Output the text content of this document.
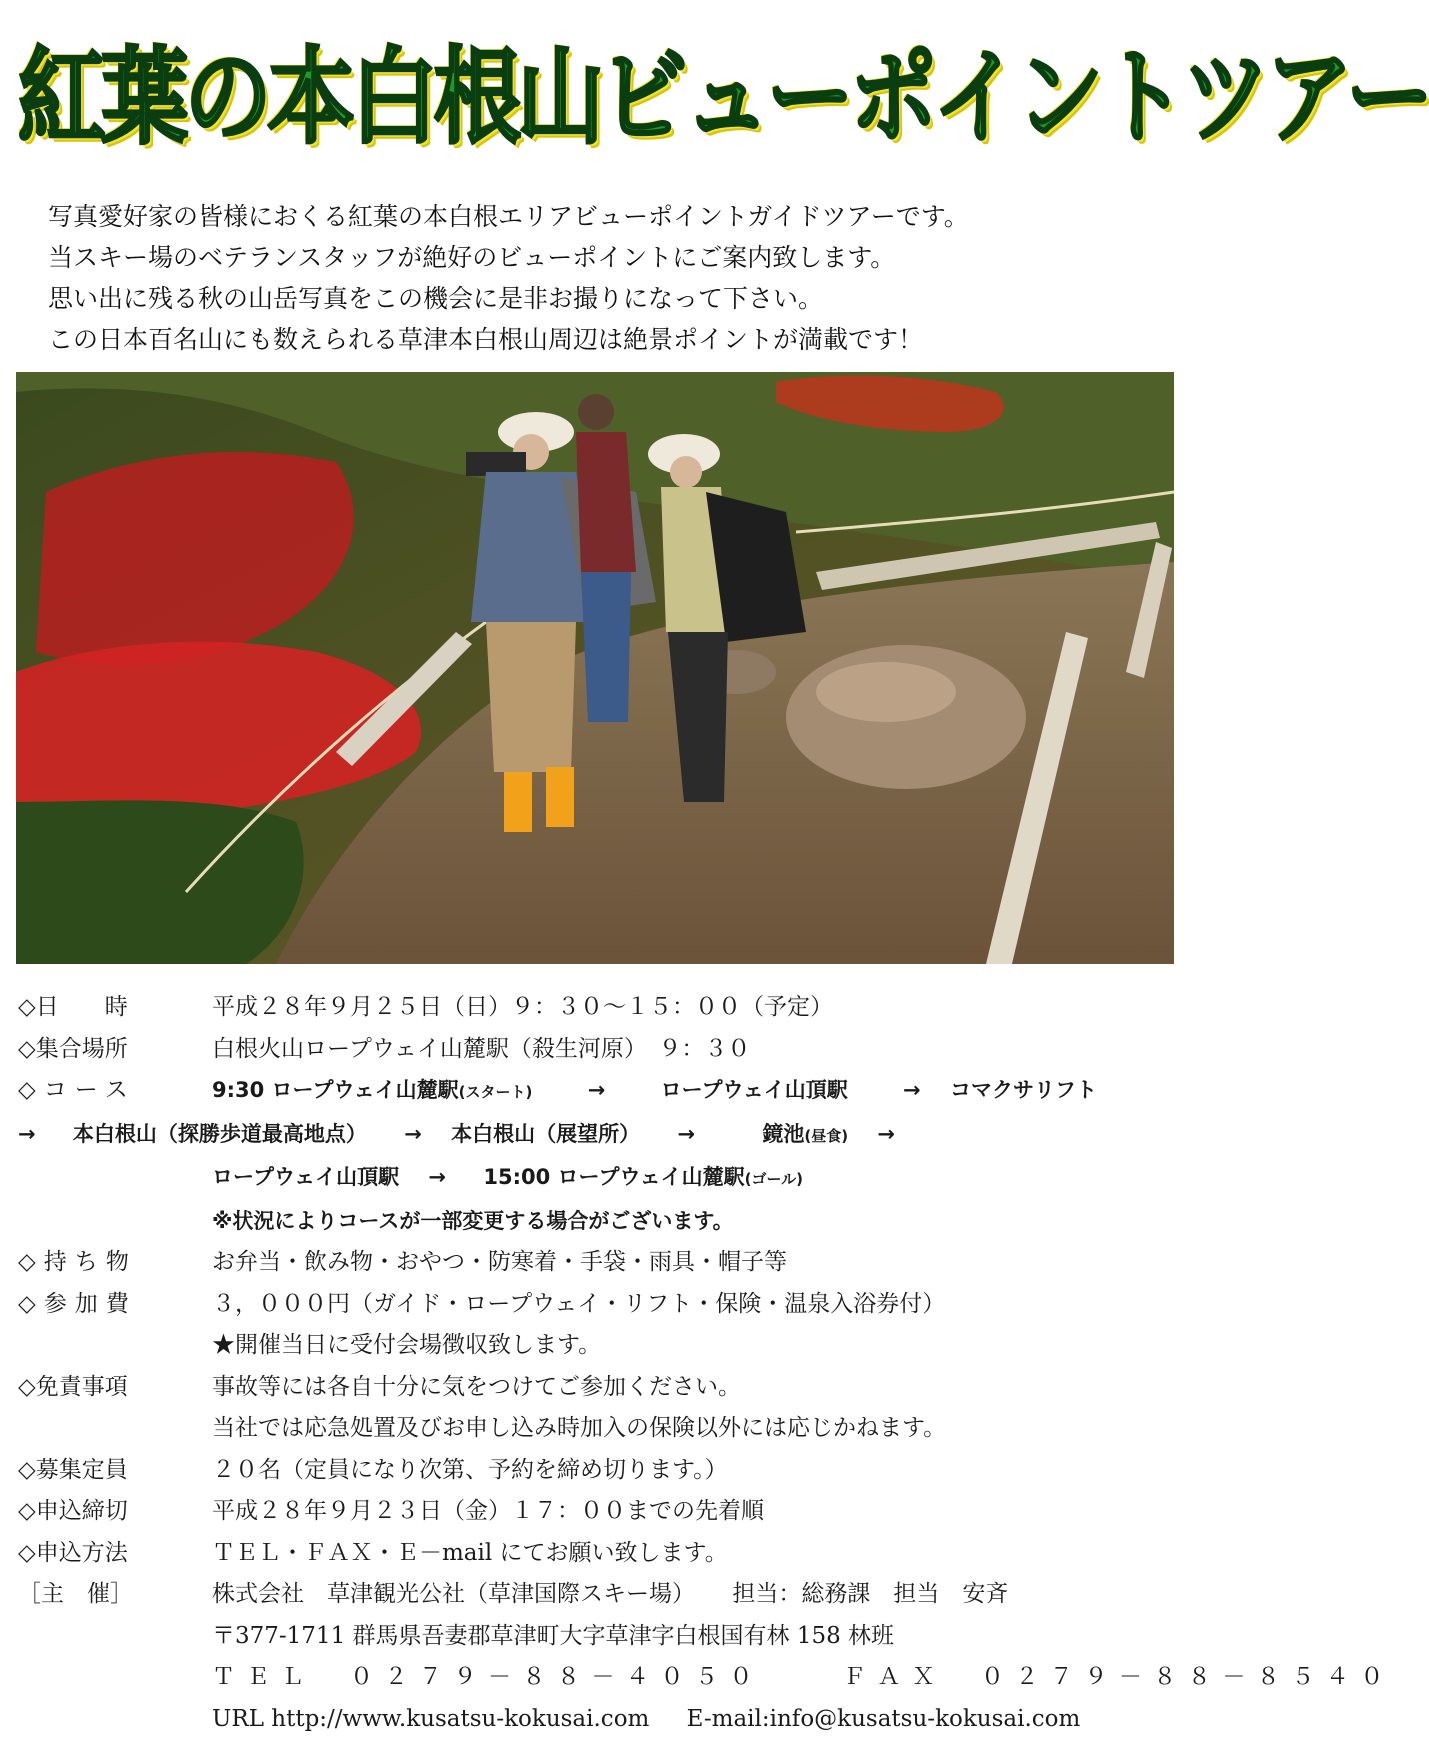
紅葉の本白根山ビューポイントツアー
写真愛好家の皆様におくる紅葉の本白根エリアビューポイントガイドツアーです。
当スキー場のベテランスタッフが絶好のビューポイントにご案内致します。
思い出に残る秋の山岳写真をこの機会に是非お撮りになって下さい。
この日本百名山にも数えられる草津本白根山周辺は絶景ポイントが満載です！
◇日　　時	平成２８年９月２５日（日）９：３０～１５：００（予定）
◇集合場所	白根火山ロープウェイ山麓駅（殺生河原）　９：３０
◇コース	9:30 ロープウェイ山麓駅(スタート)	→	ロープウェイ山頂駅	→ コマクサリフト
→ 本白根山（探勝歩道最高地点） → 本白根山（展望所） →	鏡池(昼食) →
ロープウェイ山頂駅 → 15:00 ロープウェイ山麓駅(ゴール)
※状況によりコースが一部変更する場合がございます。
◇持ち物	お弁当・飲み物・おやつ・防寒着・手袋・雨具・帽子等
◇参加費	３，０００円（ガイド・ロープウェイ・リフト・保険・温泉入浴券付）
★開催当日に受付会場徴収致します。
◇免責事項	事故等には各自十分に気をつけてご参加ください。
当社では応急処置及びお申し込み時加入の保険以外には応じかねます。
◇募集定員	２０名（定員になり次第、予約を締め切ります。）
◇申込締切	平成２８年９月２３日（金）１７：００までの先着順
◇申込方法	ＴＥＬ・ＦＡＸ・Ｅ－mail にてお願い致します。
［主　催］	株式会社　草津観光公社（草津国際スキー場） 担当：総務課　担当　安斉
〒377-1711 群馬県吾妻郡草津町大字草津字白根国有林 158 林班
ＴＥＬ　０２７９－８８－４０５０	ＦＡＸ　０２７９－８８－８５４０
URL http://www.kusatsu-kokusai.com E-mail:info@kusatsu-kokusai.com
